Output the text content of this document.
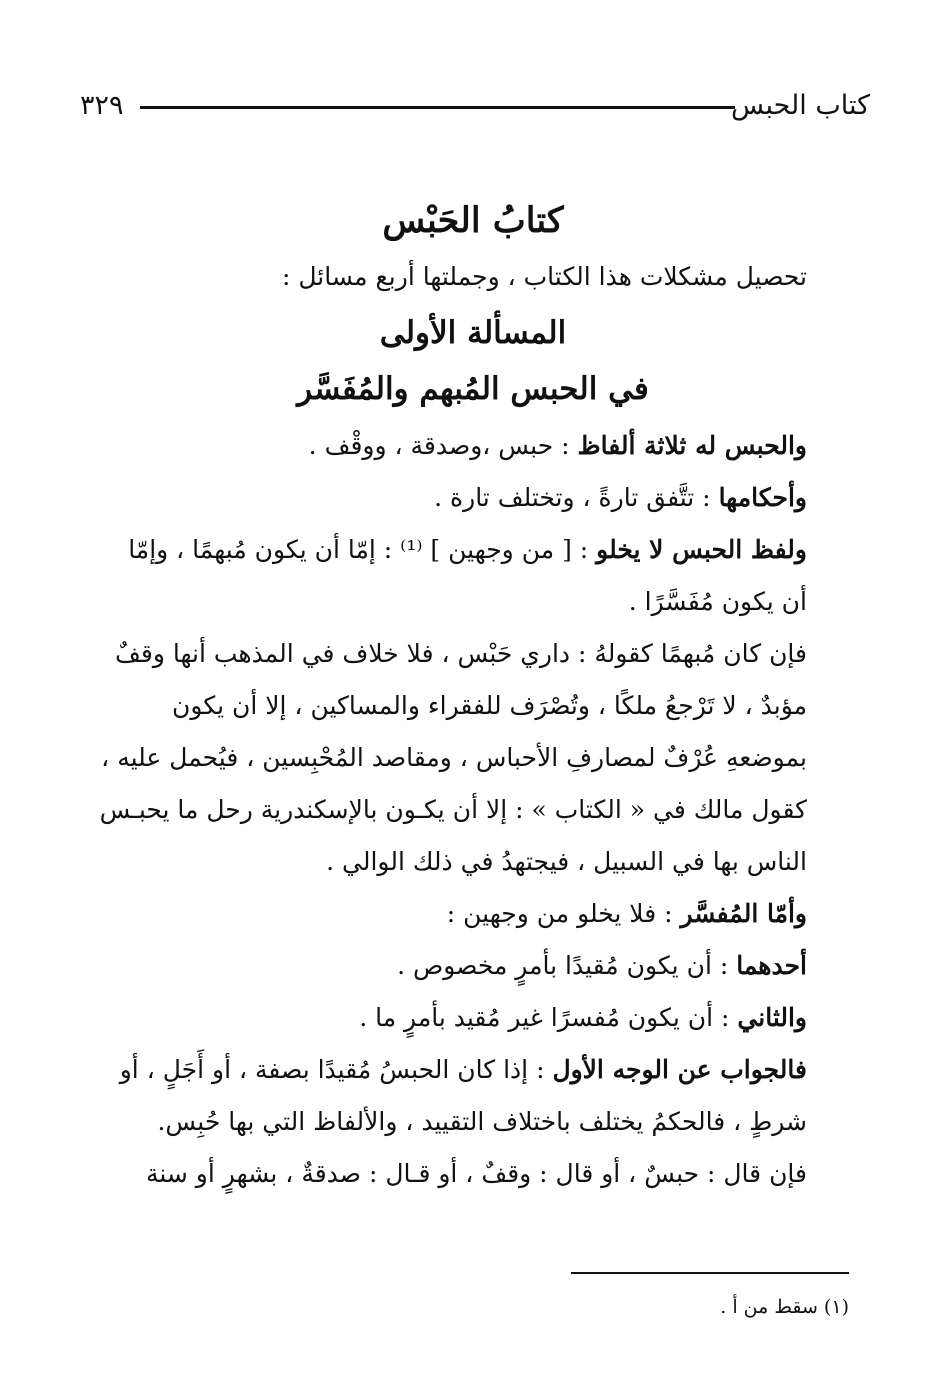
كتاب الحبس
٣٢٩
كتابُ الحَبْس
تحصيل مشكلات هذا الكتاب ، وجملتها أربع مسائل :
المسألة الأولى
في الحبس المُبهم والمُفَسَّر

والحبس له ثلاثة ألفاظ : حبس ،وصدقة ، ووقْف .

وأحكامها : تتَّفق تارةً ، وتختلف تارة .

ولفظ الحبس لا يخلو : [ من وجهين ] ⁽¹⁾ : إمّا أن يكون مُبهمًا ، وإمّا أن يكون مُفَسَّرًا .

فإن كان مُبهمًا كقولهُ : داري حَبْس ، فلا خلاف في المذهب أنها وقفٌ مؤبدٌ ، لا تَرْجعُ ملكًا ، وتُصْرَف للفقراء والمساكين ، إلا أن يكون بموضعهِ عُرْفٌ لمصارفِ الأحباس ، ومقاصد المُحْبِسين ، فيُحمل عليه ، كقول مالك في « الكتاب » : إلا أن يكـون بالإسكندرية رحل ما يحبـس الناس بها في السبيل ، فيجتهدُ في ذلك الوالي .

وأمّا المُفسَّر : فلا يخلو من وجهين :

أحدهما : أن يكون مُقيدًا بأمرٍ مخصوص .

والثاني : أن يكون مُفسرًا غير مُقيد بأمرٍ ما .

فالجواب عن الوجه الأول : إذا كان الحبسُ مُقيدًا بصفة ، أو أَجَلٍ ، أو شرطٍ ، فالحكمُ يختلف باختلاف التقييد ، والألفاظ التي بها حُبِس.

فإن قال : حبسٌ ، أو قال : وقفٌ ، أو قـال : صدقةٌ ، بشهرٍ أو سنة

(١) سقط من أ .
